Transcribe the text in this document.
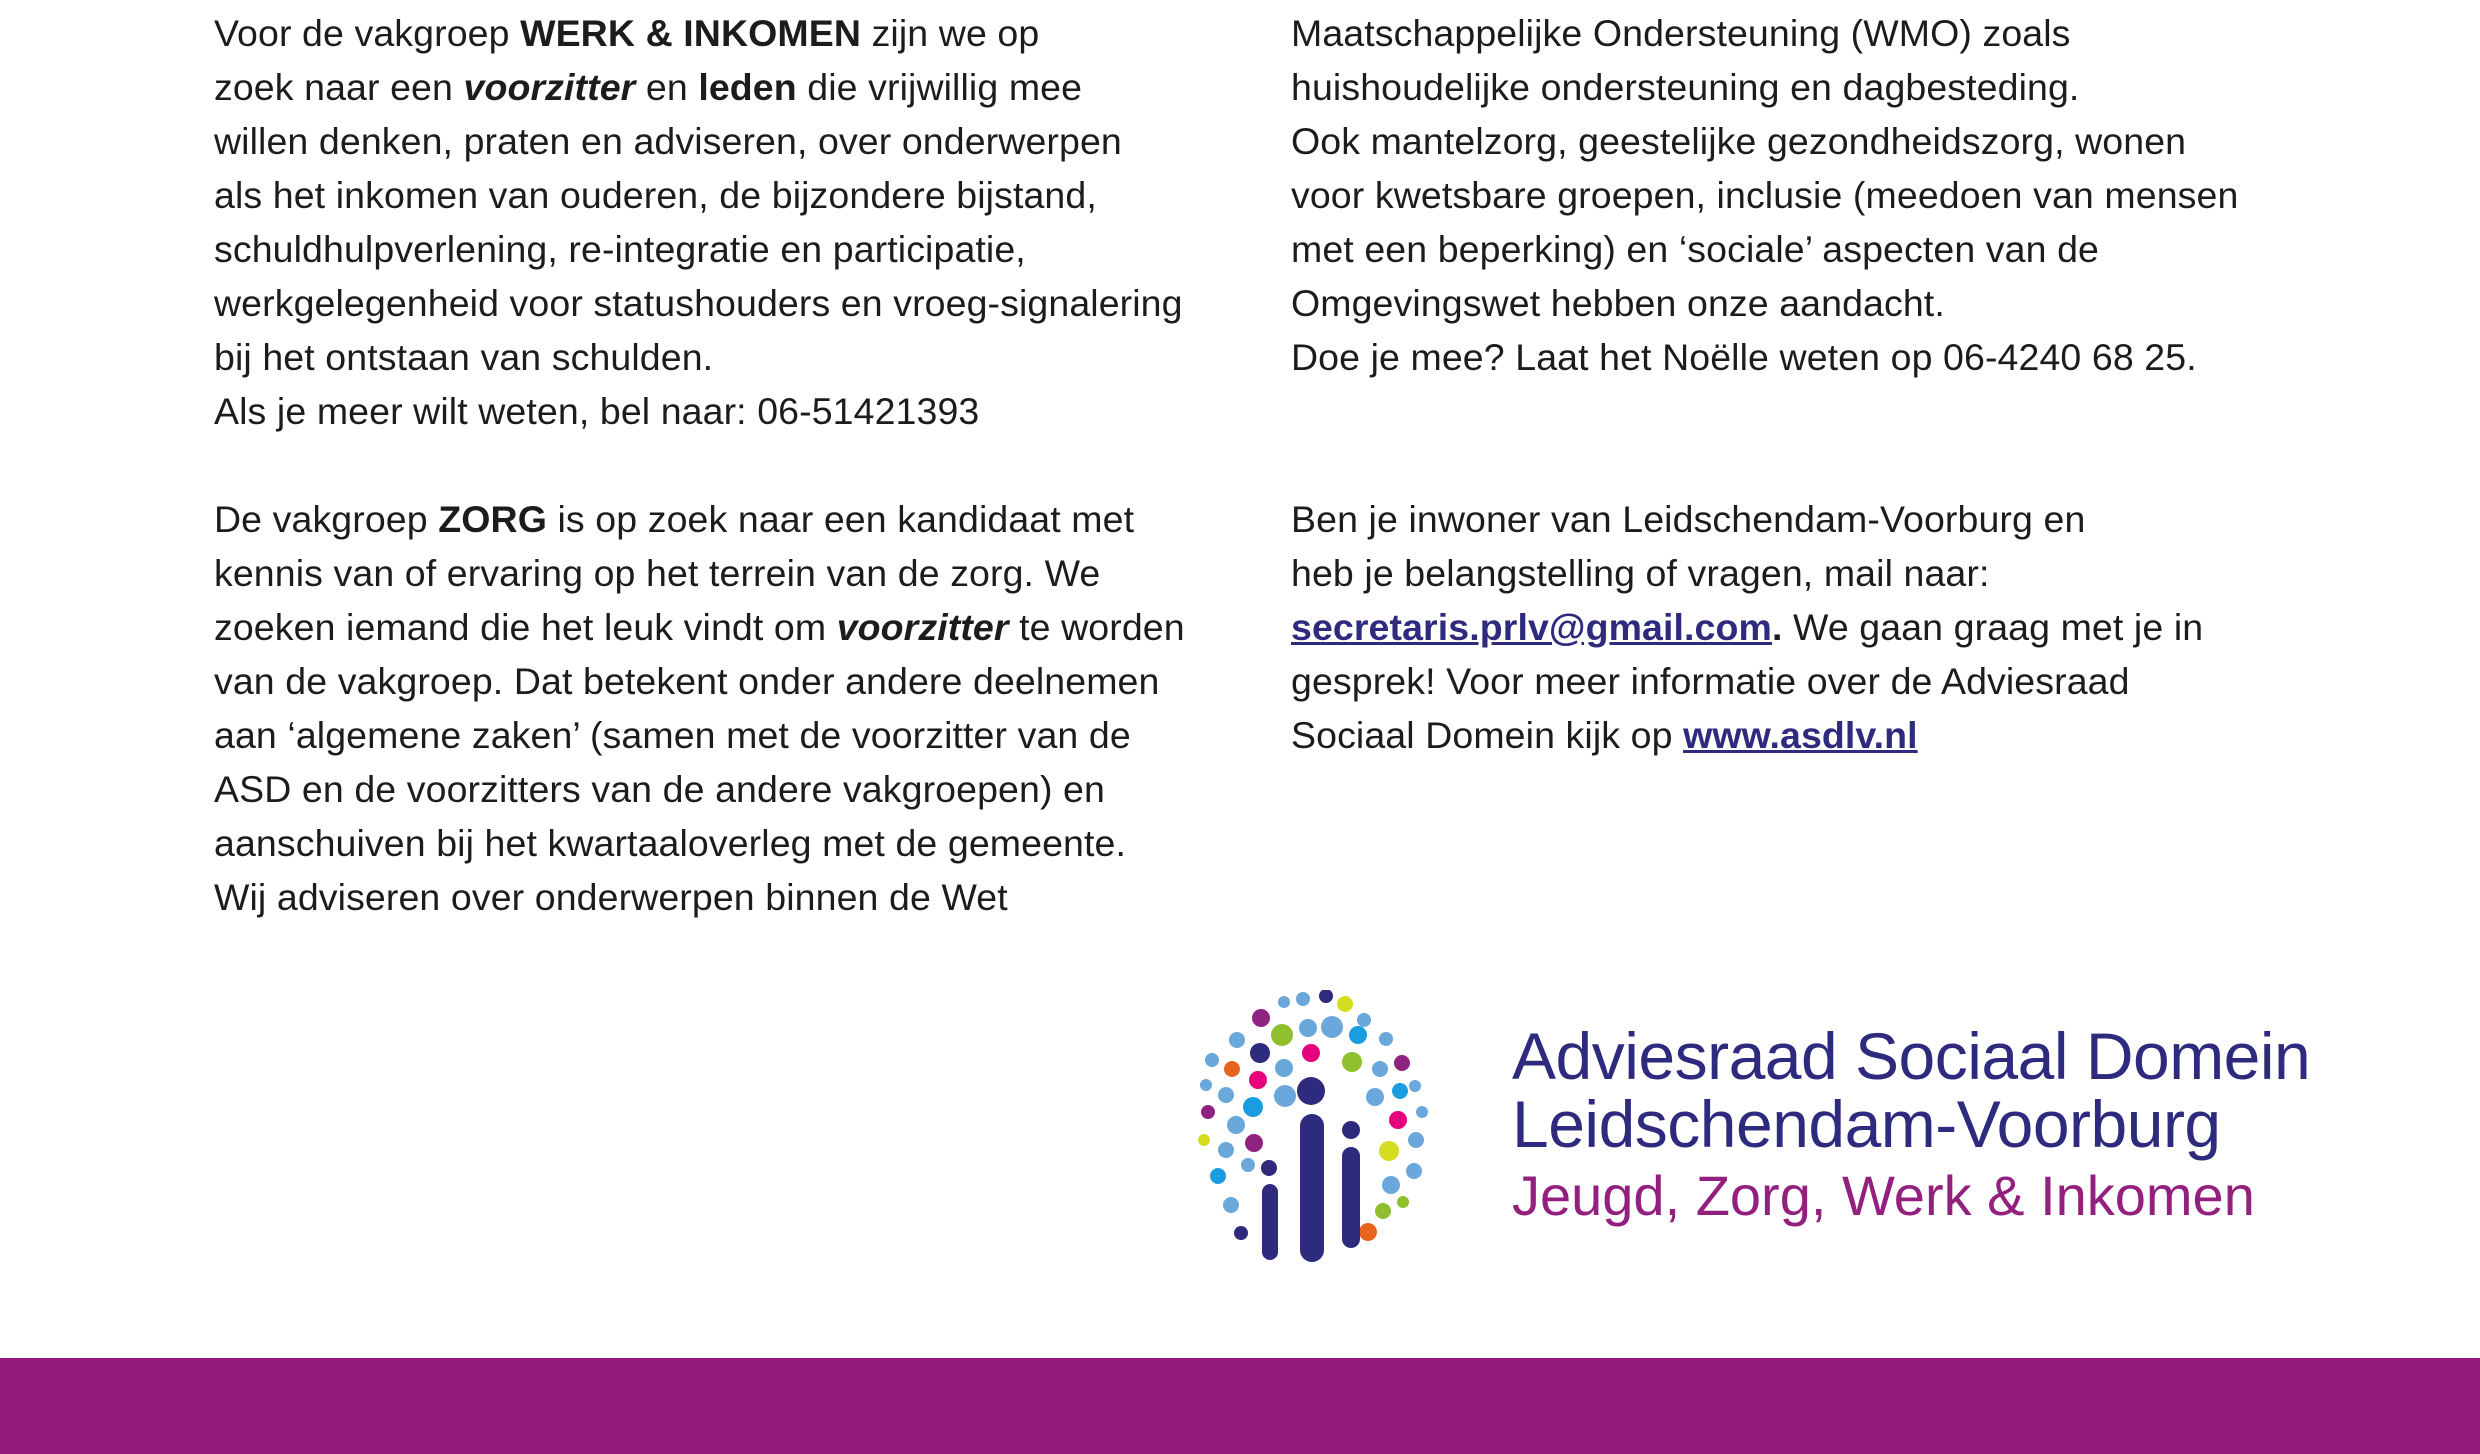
Voor de vakgroep WERK & INKOMEN zijn we op
zoek naar een voorzitter en leden die vrijwillig mee
willen denken, praten en adviseren, over onderwerpen
als het inkomen van ouderen, de bijzondere bijstand,
schuldhulpverlening, re-integratie en participatie,
werkgelegenheid voor statushouders en vroeg-signalering
bij het ontstaan van schulden.
Als je meer wilt weten, bel naar: 06-51421393
De vakgroep ZORG is op zoek naar een kandidaat met
kennis van of ervaring op het terrein van de zorg. We
zoeken iemand die het leuk vindt om voorzitter te worden
van de vakgroep. Dat betekent onder andere deelnemen
aan ‘algemene zaken’ (samen met de voorzitter van de
ASD en de voorzitters van de andere vakgroepen) en
aanschuiven bij het kwartaaloverleg met de gemeente.
Wij adviseren over onderwerpen binnen de Wet
Maatschappelijke Ondersteuning (WMO) zoals
huishoudelijke ondersteuning en dagbesteding.
Ook mantelzorg, geestelijke gezondheidszorg, wonen
voor kwetsbare groepen, inclusie (meedoen van mensen
met een beperking) en ‘sociale’ aspecten van de
Omgevingswet hebben onze aandacht.
Doe je mee? Laat het Noëlle weten op 06-4240 68 25.
Ben je inwoner van Leidschendam-Voorburg en
heb je belangstelling of vragen, mail naar:
secretaris.prlv@gmail.com. We gaan graag met je in
gesprek! Voor meer informatie over de Adviesraad
Sociaal Domein kijk op www.asdlv.nl
Adviesraad Sociaal Domein
Leidschendam-Voorburg
Jeugd, Zorg, Werk & Inkomen
